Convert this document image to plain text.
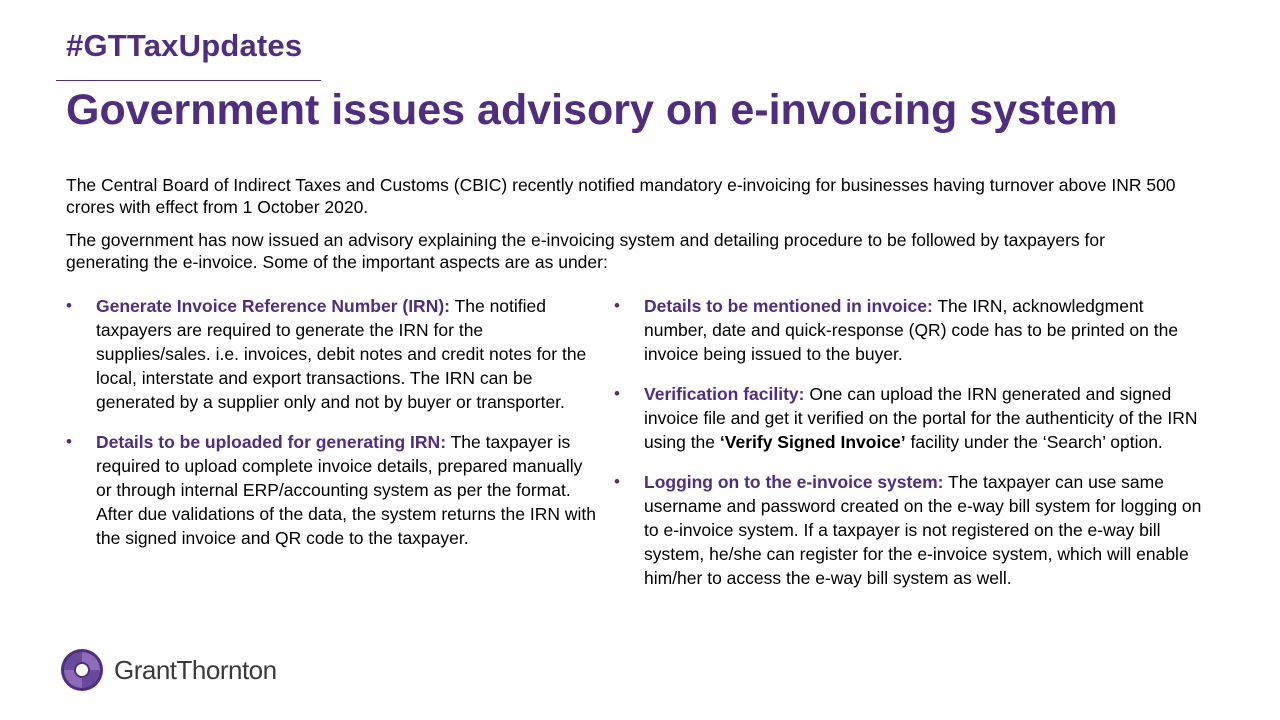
#GTTaxUpdates
Government issues advisory on e-invoicing system

The Central Board of Indirect Taxes and Customs (CBIC) recently notified mandatory e-invoicing for businesses having turnover above INR 500 crores with effect from 1 October 2020.

The government has now issued an advisory explaining the e-invoicing system and detailing procedure to be followed by taxpayers for generating the e-invoice. Some of the important aspects are as under:

• Generate Invoice Reference Number (IRN): The notified taxpayers are required to generate the IRN for the supplies/sales. i.e. invoices, debit notes and credit notes for the local, interstate and export transactions. The IRN can be generated by a supplier only and not by buyer or transporter.
• Details to be uploaded for generating IRN: The taxpayer is required to upload complete invoice details, prepared manually or through internal ERP/accounting system as per the format. After due validations of the data, the system returns the IRN with the signed invoice and QR code to the taxpayer.
• Details to be mentioned in invoice: The IRN, acknowledgment number, date and quick-response (QR) code has to be printed on the invoice being issued to the buyer.
• Verification facility: One can upload the IRN generated and signed invoice file and get it verified on the portal for the authenticity of the IRN using the ‘Verify Signed Invoice’ facility under the ‘Search’ option.
• Logging on to the e-invoice system: The taxpayer can use same username and password created on the e-way bill system for logging on to e-invoice system. If a taxpayer is not registered on the e-way bill system, he/she can register for the e-invoice system, which will enable him/her to access the e-way bill system as well.
GrantThornton
